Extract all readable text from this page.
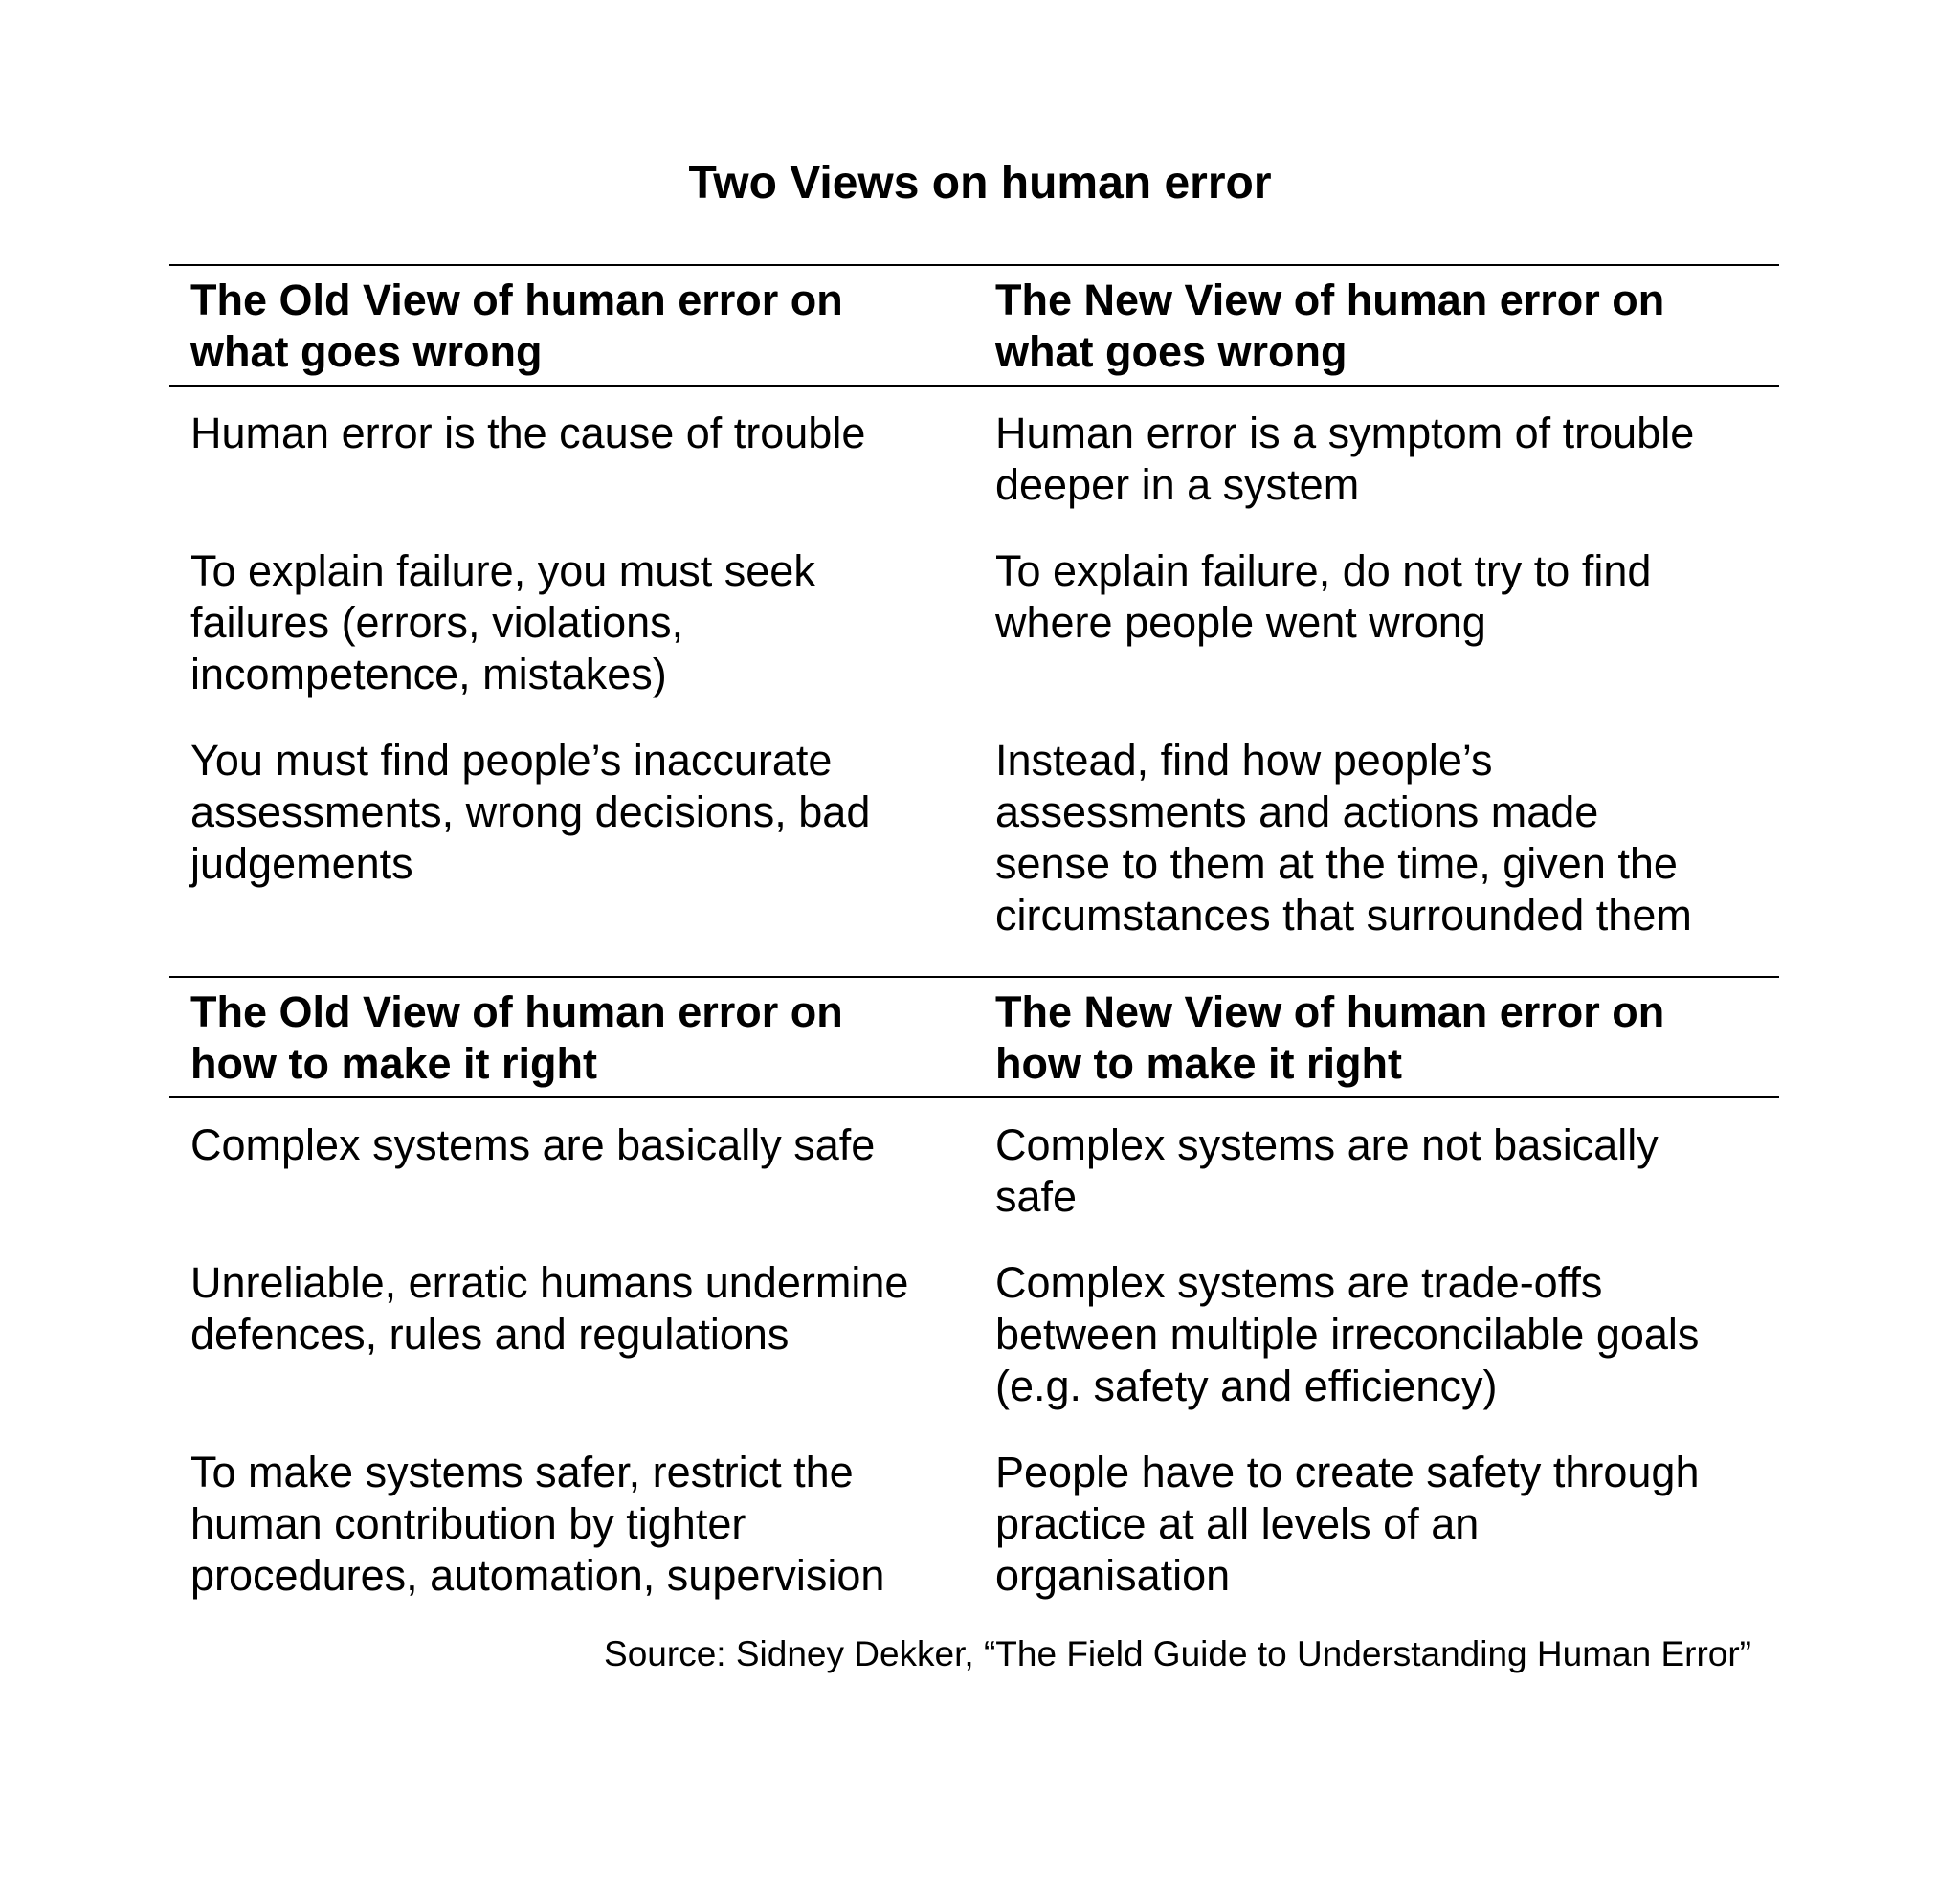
Two Views on human error
The Old View of human error on
what goes wrong
The New View of human error on
what goes wrong
Human error is the cause of trouble	Human error is a symptom of trouble
deeper in a system
To explain failure, you must seek
failures (errors, violations,
incompetence, mistakes)
To explain failure, do not try to find
where people went wrong
You must find people’s inaccurate
assessments, wrong decisions, bad
judgements
Instead, find how people’s
assessments and actions made
sense to them at the time, given the
circumstances that surrounded them
The Old View of human error on
how to make it right
The New View of human error on
how to make it right
Complex systems are basically safe	Complex systems are not basically
safe
Unreliable, erratic humans undermine
defences, rules and regulations
Complex systems are trade-offs
between multiple irreconcilable goals
(e.g. safety and efficiency)
To make systems safer, restrict the
human contribution by tighter
procedures, automation, supervision
People have to create safety through
practice at all levels of an
organisation
Source: Sidney Dekker, “The Field Guide to Understanding Human Error”
